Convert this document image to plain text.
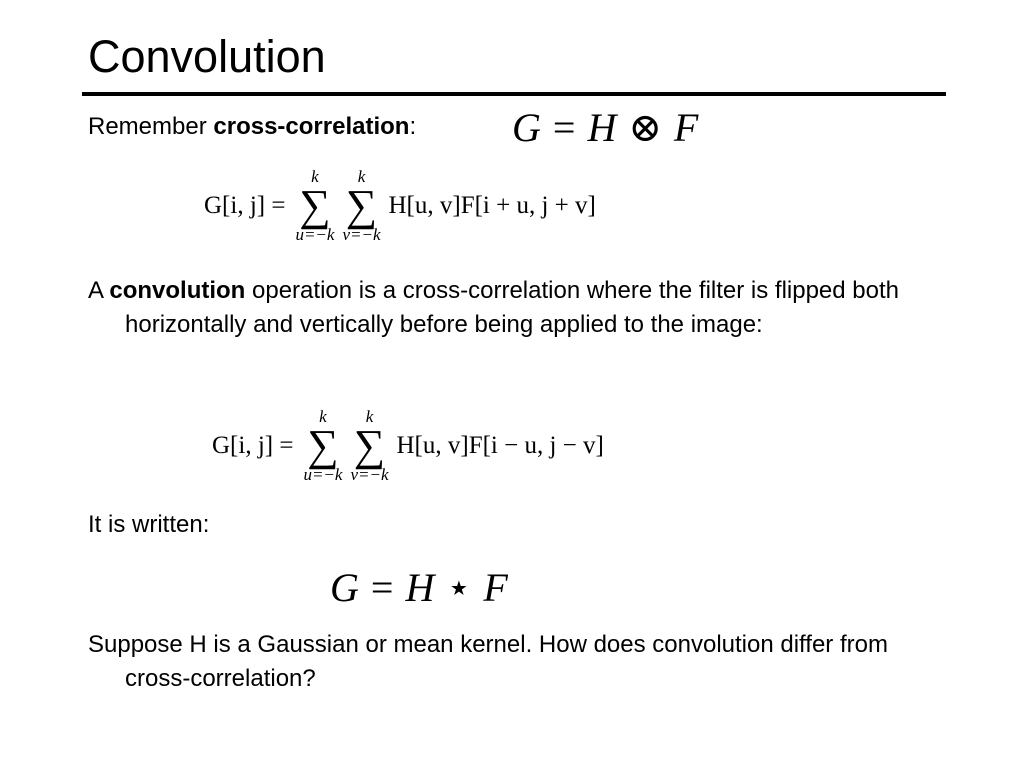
Convolution

Remember cross-correlation: G = H ⊗ F
G[i, j] =
k
∑
u=−k
k
∑
v=−k
H[u, v]F[i + u, j + v]

A convolution operation is a cross-correlation where the filter is flipped both horizontally and vertically before being applied to the image:

G[i, j] =
k
∑
u=−k
k
∑
v=−k
H[u, v]F[i − u, j − v]

It is written:

G = H ⋆ F

Suppose H is a Gaussian or mean kernel. How does convolution differ from cross-correlation?
